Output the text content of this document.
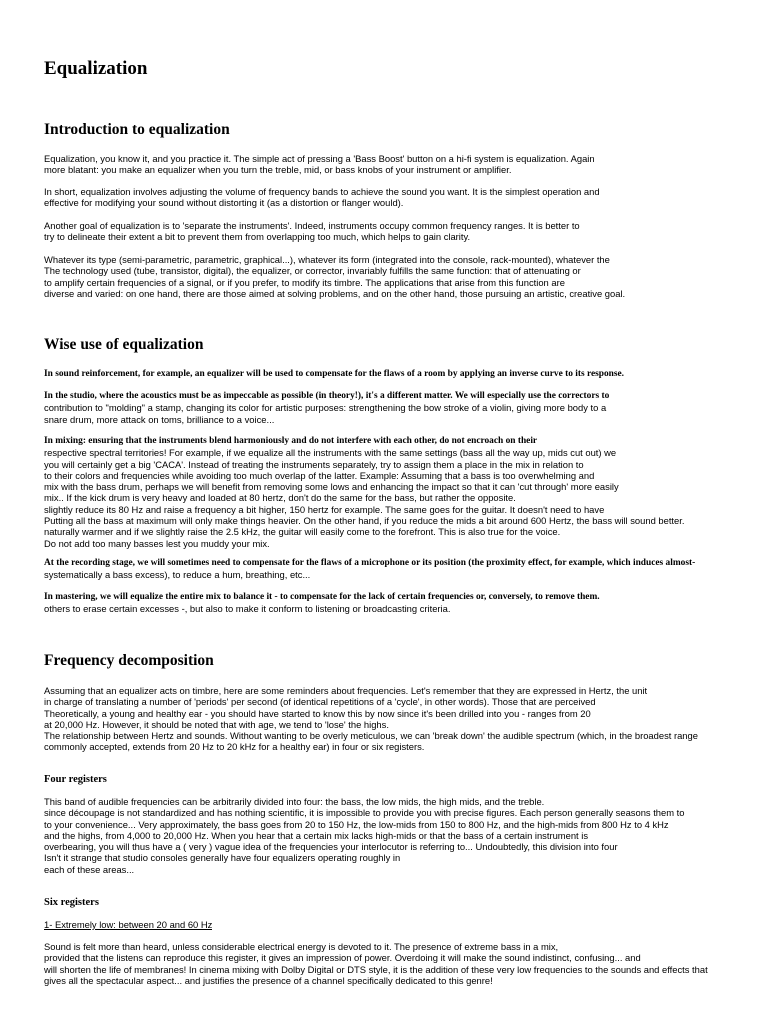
Equalization
Introduction to equalization
Equalization, you know it, and you practice it. The simple act of pressing a 'Bass Boost' button on a hi-fi system is equalization. Again
more blatant: you make an equalizer when you turn the treble, mid, or bass knobs of your instrument or amplifier.
In short, equalization involves adjusting the volume of frequency bands to achieve the sound you want. It is the simplest operation and
effective for modifying your sound without distorting it (as a distortion or flanger would).
Another goal of equalization is to 'separate the instruments'. Indeed, instruments occupy common frequency ranges. It is better to
try to delineate their extent a bit to prevent them from overlapping too much, which helps to gain clarity.
Whatever its type (semi-parametric, parametric, graphical...), whatever its form (integrated into the console, rack-mounted), whatever the
The technology used (tube, transistor, digital), the equalizer, or corrector, invariably fulfills the same function: that of attenuating or
to amplify certain frequencies of a signal, or if you prefer, to modify its timbre. The applications that arise from this function are
diverse and varied: on one hand, there are those aimed at solving problems, and on the other hand, those pursuing an artistic, creative goal.
Wise use of equalization
In sound reinforcement, for example, an equalizer will be used to compensate for the flaws of a room by applying an inverse curve to its response.
In the studio, where the acoustics must be as impeccable as possible (in theory!), it's a different matter. We will especially use the correctors to
contribution to "molding" a stamp, changing its color for artistic purposes: strengthening the bow stroke of a violin, giving more body to a
snare drum, more attack on toms, brilliance to a voice...
In mixing: ensuring that the instruments blend harmoniously and do not interfere with each other, do not encroach on their
respective spectral territories! For example, if we equalize all the instruments with the same settings (bass all the way up, mids cut out) we
you will certainly get a big 'CACA'. Instead of treating the instruments separately, try to assign them a place in the mix in relation to
to their colors and frequencies while avoiding too much overlap of the latter. Example: Assuming that a bass is too overwhelming and
mix with the bass drum, perhaps we will benefit from removing some lows and enhancing the impact so that it can 'cut through' more easily
mix.. If the kick drum is very heavy and loaded at 80 hertz, don't do the same for the bass, but rather the opposite.
slightly reduce its 80 Hz and raise a frequency a bit higher, 150 hertz for example. The same goes for the guitar. It doesn't need to have
Putting all the bass at maximum will only make things heavier. On the other hand, if you reduce the mids a bit around 600 Hertz, the bass will sound better.
naturally warmer and if we slightly raise the 2.5 kHz, the guitar will easily come to the forefront. This is also true for the voice.
Do not add too many basses lest you muddy your mix.
At the recording stage, we will sometimes need to compensate for the flaws of a microphone or its position (the proximity effect, for example, which induces almost-
systematically a bass excess), to reduce a hum, breathing, etc...
In mastering, we will equalize the entire mix to balance it - to compensate for the lack of certain frequencies or, conversely, to remove them.
others to erase certain excesses -, but also to make it conform to listening or broadcasting criteria.
Frequency decomposition
Assuming that an equalizer acts on timbre, here are some reminders about frequencies. Let's remember that they are expressed in Hertz, the unit
in charge of translating a number of 'periods' per second (of identical repetitions of a 'cycle', in other words). Those that are perceived
Theoretically, a young and healthy ear - you should have started to know this by now since it's been drilled into you - ranges from 20
at 20,000 Hz. However, it should be noted that with age, we tend to 'lose' the highs.
The relationship between Hertz and sounds. Without wanting to be overly meticulous, we can 'break down' the audible spectrum (which, in the broadest range
commonly accepted, extends from 20 Hz to 20 kHz for a healthy ear) in four or six registers.
Four registers
This band of audible frequencies can be arbitrarily divided into four: the bass, the low mids, the high mids, and the treble.
since découpage is not standardized and has nothing scientific, it is impossible to provide you with precise figures. Each person generally seasons them to
to your convenience... Very approximately, the bass goes from 20 to 150 Hz, the low-mids from 150 to 800 Hz, and the high-mids from 800 Hz to 4 kHz
and the highs, from 4,000 to 20,000 Hz. When you hear that a certain mix lacks high-mids or that the bass of a certain instrument is
overbearing, you will thus have a ( very ) vague idea of the frequencies your interlocutor is referring to... Undoubtedly, this division into four
Isn't it strange that studio consoles generally have four equalizers operating roughly in
each of these areas...
Six registers
1- Extremely low: between 20 and 60 Hz
Sound is felt more than heard, unless considerable electrical energy is devoted to it. The presence of extreme bass in a mix,
provided that the listens can reproduce this register, it gives an impression of power. Overdoing it will make the sound indistinct, confusing... and
will shorten the life of membranes! In cinema mixing with Dolby Digital or DTS style, it is the addition of these very low frequencies to the sounds and effects that
gives all the spectacular aspect... and justifies the presence of a channel specifically dedicated to this genre!
